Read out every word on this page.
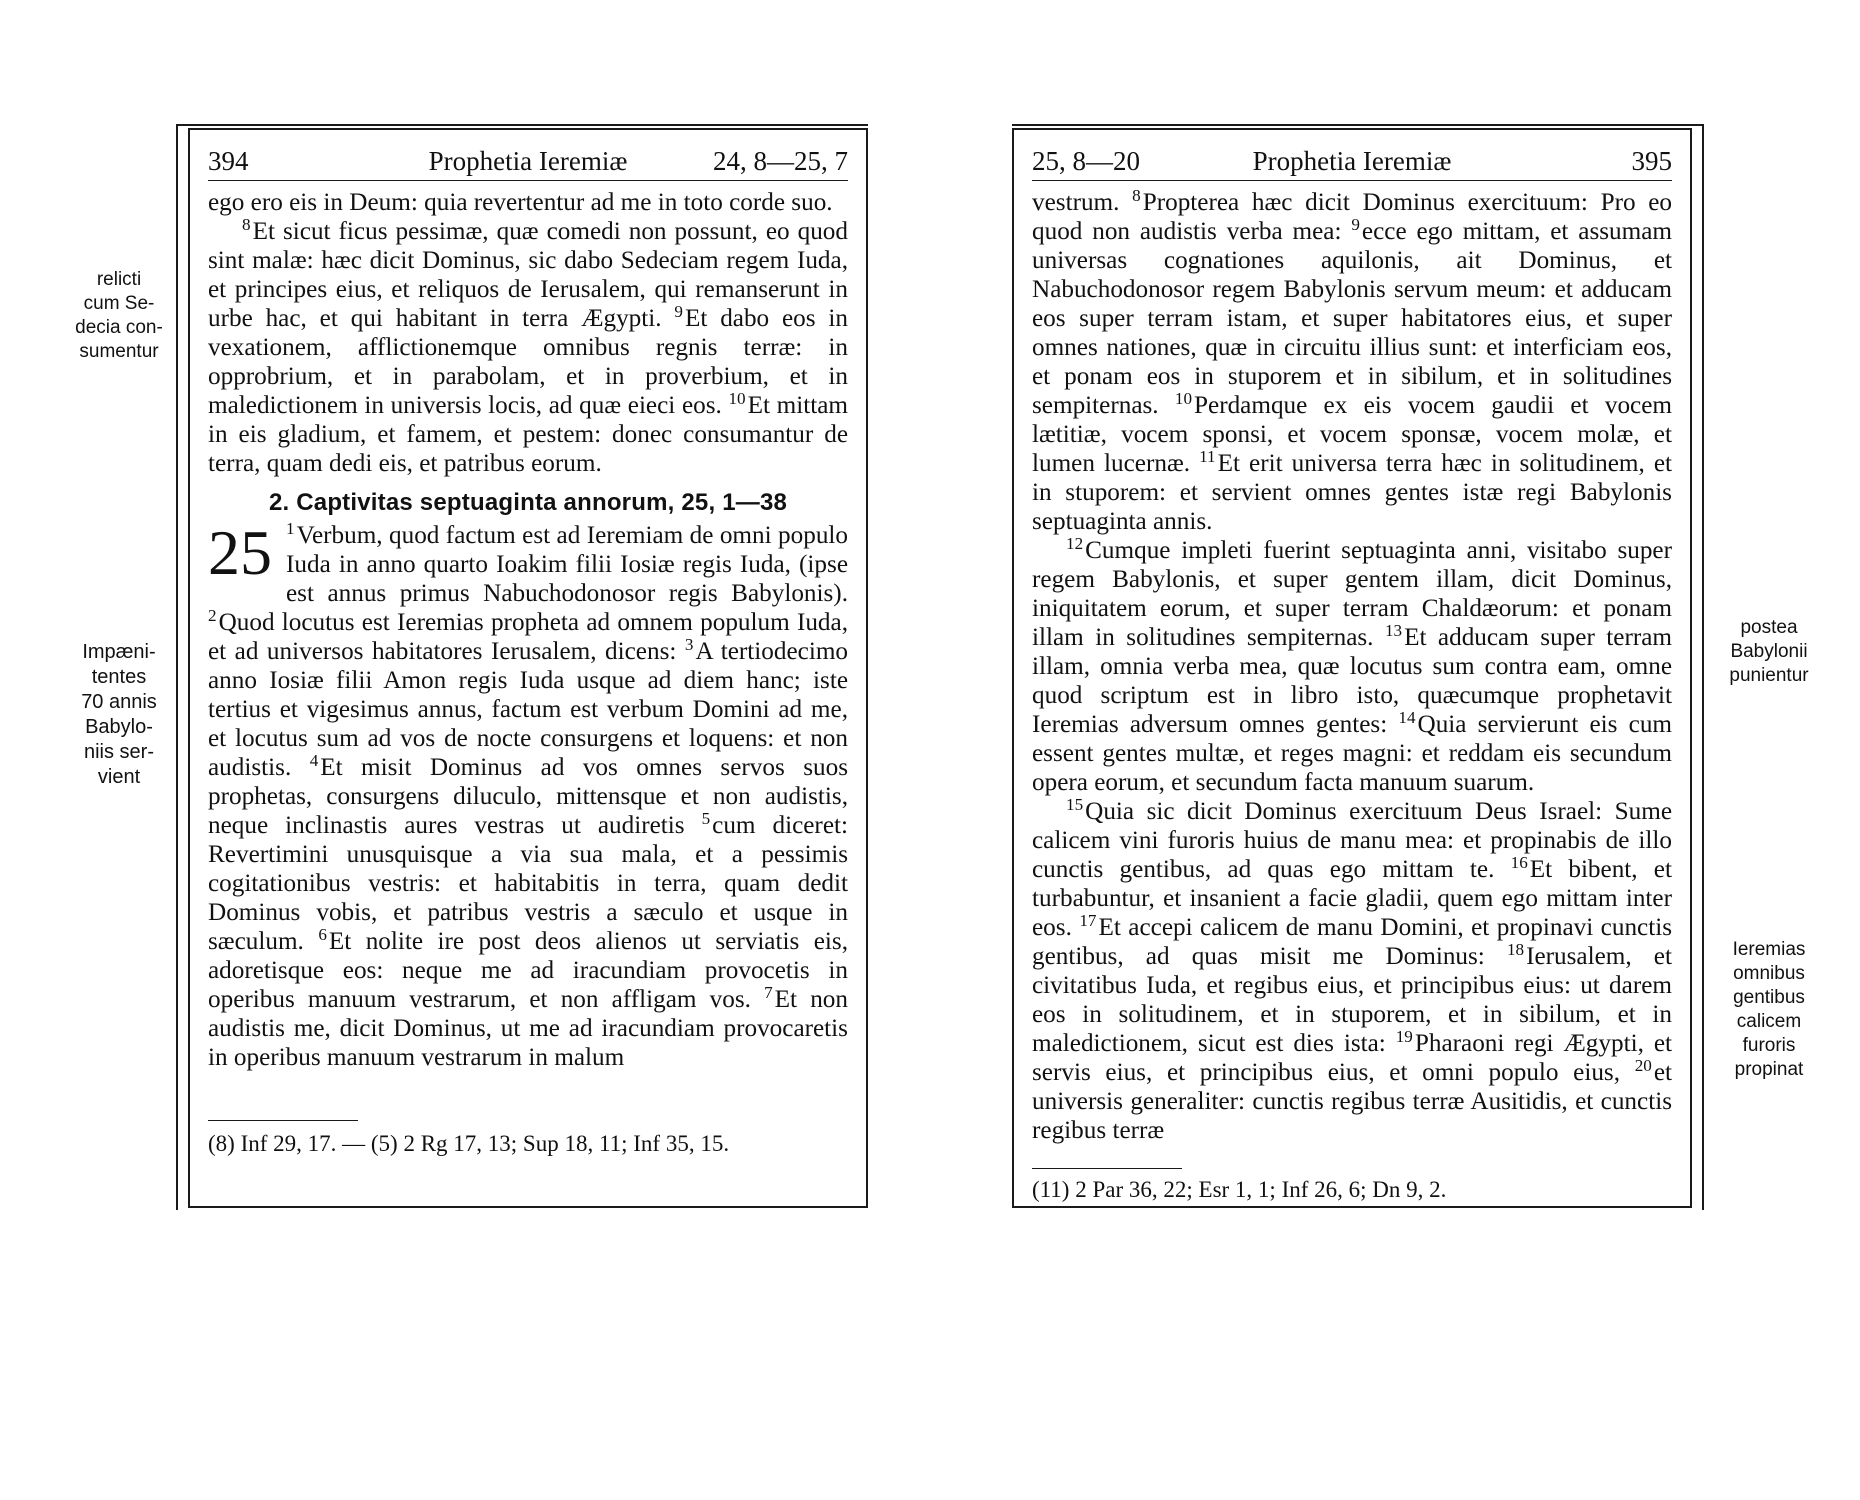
relicti
cum Se-
decia con-
sumentur
Impæni-
tentes
70 annis
Babylo-
niis ser-
vient
Prophetia Ieremiæ
394	24, 8—25, 7

ego ero eis in Deum: quia revertentur ad me in toto corde suo.

$^8$Et sicut ficus pessimæ, quæ comedi non possunt, eo quod sint malæ: hæc dicit Dominus, sic dabo Sedeciam regem Iuda, et principes eius, et reliquos de Ierusalem, qui remanserunt in urbe hac, et qui habitant in terra Ægypti. $^9$Et dabo eos in vexationem, afflictionemque omnibus regnis terræ: in opprobrium, et in parabolam, et in proverbium, et in maledictionem in universis locis, ad quæ eieci eos. $^{10}$Et mittam in eis gladium, et famem, et pestem: donec consumantur de terra, quam dedi eis, et patribus eorum.

2. Captivitas septuaginta annorum, 25, 1—38

25 $^1$Verbum, quod factum est ad Ieremiam de omni populo Iuda in anno quarto Ioakim filii Iosiæ regis Iuda, (ipse est annus primus Nabuchodonosor regis Babylonis). $^2$Quod locutus est Ieremias propheta ad omnem populum Iuda, et ad universos habitatores Ierusalem, dicens: $^3$A tertiodecimo anno Iosiæ filii Amon regis Iuda usque ad diem hanc; iste tertius et vigesimus annus, factum est verbum Domini ad me, et locutus sum ad vos de nocte consurgens et loquens: et non audistis. $^4$Et misit Dominus ad vos omnes servos suos prophetas, consurgens diluculo, mittensque et non audistis, neque inclinastis aures vestras ut audiretis $^5$cum diceret: Revertimini unusquisque a via sua mala, et a pessimis cogitationibus vestris: et habitabitis in terra, quam dedit Dominus vobis, et patribus vestris a sæculo et usque in sæculum. $^6$Et nolite ire post deos alienos ut serviatis eis, adoretisque eos: neque me ad iracundiam provocetis in operibus manuum vestrarum, et non affligam vos. $^7$Et non audistis me, dicit Dominus, ut me ad iracundiam provocaretis in operibus manuum vestrarum in malum

(8) Inf 29, 17. — (5) 2 Rg 17, 13; Sup 18, 11; Inf 35, 15.
Prophetia Ieremiæ
25, 8—20	395

vestrum. $^8$Propterea hæc dicit Dominus exercituum: Pro eo quod non audistis verba mea: $^9$ecce ego mittam, et assumam universas cognationes aquilonis, ait Dominus, et Nabuchodonosor regem Babylonis servum meum: et adducam eos super terram istam, et super habitatores eius, et super omnes nationes, quæ in circuitu illius sunt: et interficiam eos, et ponam eos in stuporem et in sibilum, et in solitudines sempiternas. $^{10}$Perdamque ex eis vocem gaudii et vocem lætitiæ, vocem sponsi, et vocem sponsæ, vocem molæ, et lumen lucernæ. $^{11}$Et erit universa terra hæc in solitudinem, et in stuporem: et servient omnes gentes istæ regi Babylonis septuaginta annis.

$^{12}$Cumque impleti fuerint septuaginta anni, visitabo super regem Babylonis, et super gentem illam, dicit Dominus, iniquitatem eorum, et super terram Chaldæorum: et ponam illam in solitudines sempiternas. $^{13}$Et adducam super terram illam, omnia verba mea, quæ locutus sum contra eam, omne quod scriptum est in libro isto, quæcumque prophetavit Ieremias adversum omnes gentes: $^{14}$Quia servierunt eis cum essent gentes multæ, et reges magni: et reddam eis secundum opera eorum, et secundum facta manuum suarum.

$^{15}$Quia sic dicit Dominus exercituum Deus Israel: Sume calicem vini furoris huius de manu mea: et propinabis de illo cunctis gentibus, ad quas ego mittam te. $^{16}$Et bibent, et turbabuntur, et insanient a facie gladii, quem ego mittam inter eos. $^{17}$Et accepi calicem de manu Domini, et propinavi cunctis gentibus, ad quas misit me Dominus: $^{18}$Ierusalem, et civitatibus Iuda, et regibus eius, et principibus eius: ut darem eos in solitudinem, et in stuporem, et in sibilum, et in maledictionem, sicut est dies ista: $^{19}$Pharaoni regi Ægypti, et servis eius, et principibus eius, et omni populo eius, $^{20}$et universis generaliter: cunctis regibus terræ Ausitidis, et cunctis regibus terræ

(11) 2 Par 36, 22; Esr 1, 1; Inf 26, 6; Dn 9, 2.
postea
Babylonii
punientur
Ieremias
omnibus
gentibus
calicem
furoris
propinat
